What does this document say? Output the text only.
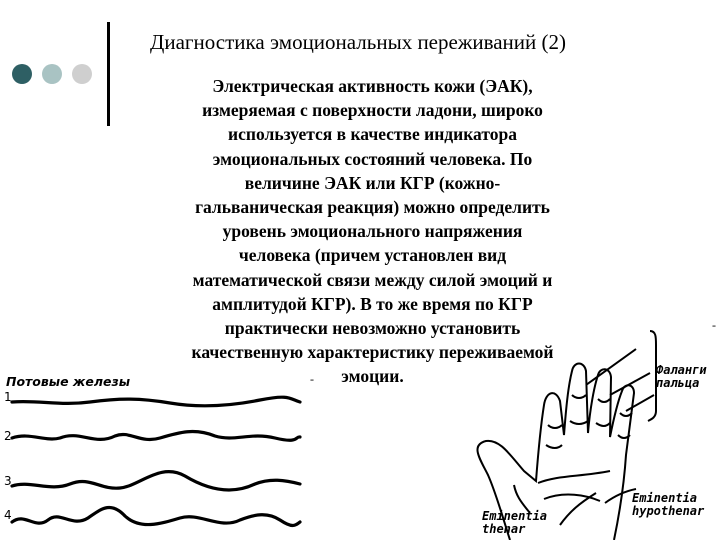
Диагностика эмоциональных переживаний (2)
Электрическая активность кожи (ЭАК),
измеряемая с поверхности ладони, широко
используется в качестве индикатора
эмоциональных состояний человека. По
величине ЭАК или КГР (кожно-
гальваническая реакция) можно определить
уровень эмоционального напряжения
человека (причем установлен вид
математической связи между силой эмоций и
амплитудой КГР). В то же время по КГР
практически невозможно установить
качественную характеристику переживаемой
эмоции.
-
-
Потовые железы
1
2
3
4
Фаланги
пальца
Eminentia
thenar
Eminentia
hypothenar
